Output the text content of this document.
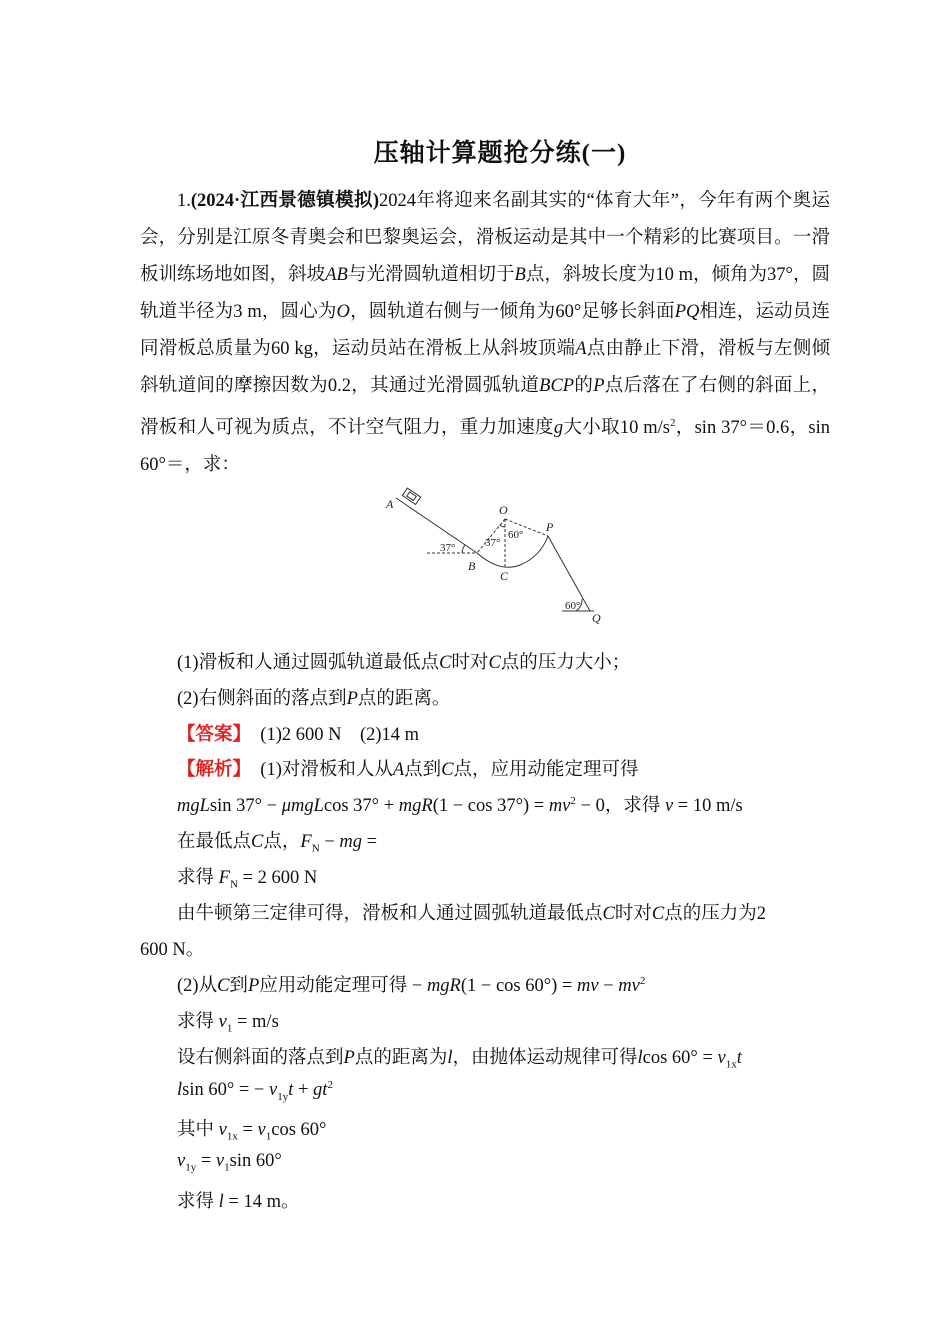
压轴计算题抢分练(一)
1.(2024·江西景德镇模拟)2024年将迎来名副其实的“体育大年”，今年有两个奥运会，分别是江原冬青奥会和巴黎奥运会，滑板运动是其中一个精彩的比赛项目。一滑板训练场地如图，斜坡AB与光滑圆轨道相切于B点，斜坡长度为10 m，倾角为37°，圆轨道半径为3 m，圆心为O，圆轨道右侧与一倾角为60°足够长斜面PQ相连，运动员连同滑板总质量为60 kg，运动员站在滑板上从斜坡顶端A点由静止下滑，滑板与左侧倾斜轨道间的摩擦因数为0.2，其通过光滑圆弧轨道BCP的P点后落在了右侧的斜面上，滑板和人可视为质点，不计空气阻力，重力加速度g大小取10 $m/s^2$，sin 37°＝0.6，sin 60°＝，求：
A
B
C
O
P
Q
37°	37°
60°
60°
(1)滑板和人通过圆弧轨道最低点C时对C点的压力大小；
(2)右侧斜面的落点到P点的距离。
【答案】　 (1)2 600 N　(2)14 m
【解析】　 (1)对滑板和人从A点到C点，应用动能定理可得
mgLsin 37° − μmgLcos $37^\circ + mgR(1 - \cos 37^\circ) = mv^2 - 0$，求得 v = 10 m/s
在最低点C点，$F_N$ − mg =
求得 $F_N = 2$ 600 N
由牛顿第三定律可得，滑板和人通过圆弧轨道最低点C时对C点的压力为2
600 N。
(2)从C到P应用动能定理可得 − mgR(1 − cos 60°) = mv − $mv^2$
求得 $v_1 = m/s$
设右侧斜面的落点到P点的距离为l，由抛体运动规律可得lcos $60^\circ = v_{1x}t$
lsin 60° = − $v_{1y}t + gt^2$
其中 $v_{1x} = v_1\cos$ 60°
$v_{1y} = v_1\sin$ 60°
求得 l = 14 m。
